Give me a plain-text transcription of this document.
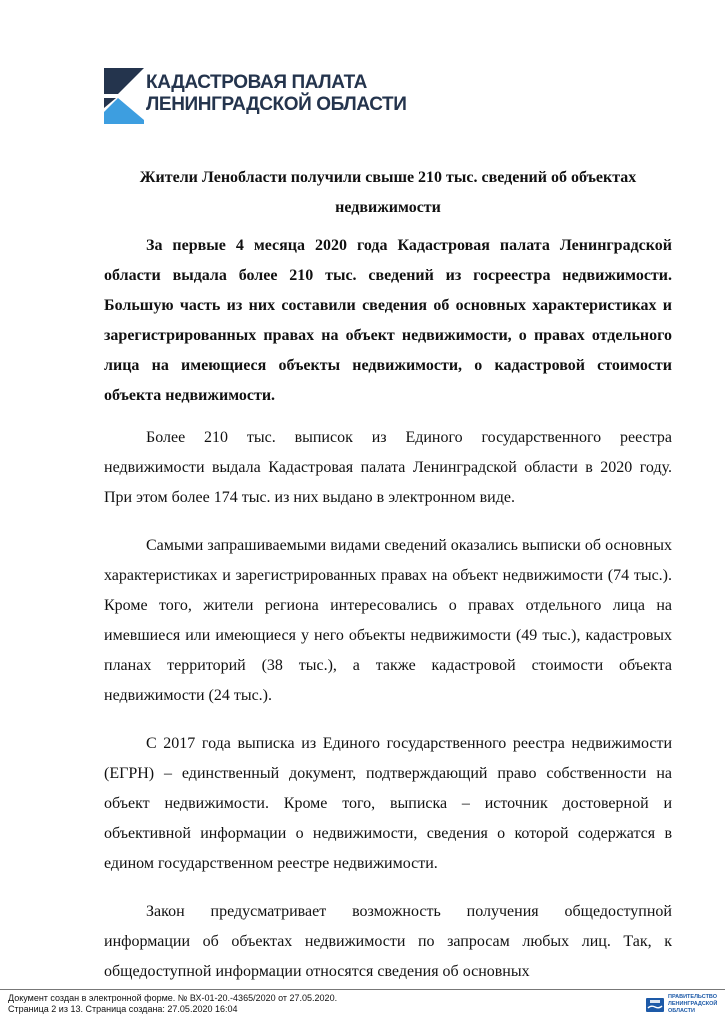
КАДАСТРОВАЯ ПАЛАТА
ЛЕНИНГРАДСКОЙ ОБЛАСТИ
Жители Ленобласти получили свыше 210 тыс. сведений об объектах недвижимости

За первые 4 месяца 2020 года Кадастровая палата Ленинградской области выдала более 210 тыс. сведений из госреестра недвижимости. Большую часть из них составили сведения об основных характеристиках и зарегистрированных правах на объект недвижимости, о правах отдельного лица на имеющиеся объекты недвижимости, о кадастровой стоимости объекта недвижимости.

Более 210 тыс. выписок из Единого государственного реестра недвижимости выдала Кадастровая палата Ленинградской области в 2020 году. При этом более 174 тыс. из них выдано в электронном виде.

Самыми запрашиваемыми видами сведений оказались выписки об основных характеристиках и зарегистрированных правах на объект недвижимости (74 тыс.). Кроме того, жители региона интересовались о правах отдельного лица на имевшиеся или имеющиеся у него объекты недвижимости (49 тыс.), кадастровых планах территорий (38 тыс.), а также кадастровой стоимости объекта недвижимости (24 тыс.).

С 2017 года выписка из Единого государственного реестра недвижимости (ЕГРН) – единственный документ, подтверждающий право собственности на объект недвижимости. Кроме того, выписка – источник достоверной и объективной информации о недвижимости, сведения о которой содержатся в едином государственном реестре недвижимости.

Закон предусматривает возможность получения общедоступной информации об объектах недвижимости по запросам любых лиц. Так, к общедоступной информации относятся сведения об основных

Документ создан в электронной форме. № ВХ-01-20.-4365/2020 от 27.05.2020.
Страница 2 из 13. Страница создана: 27.05.2020 16:04
ПРАВИТЕЛЬСТВО
ЛЕНИНГРАДСКОЙ
ОБЛАСТИ
